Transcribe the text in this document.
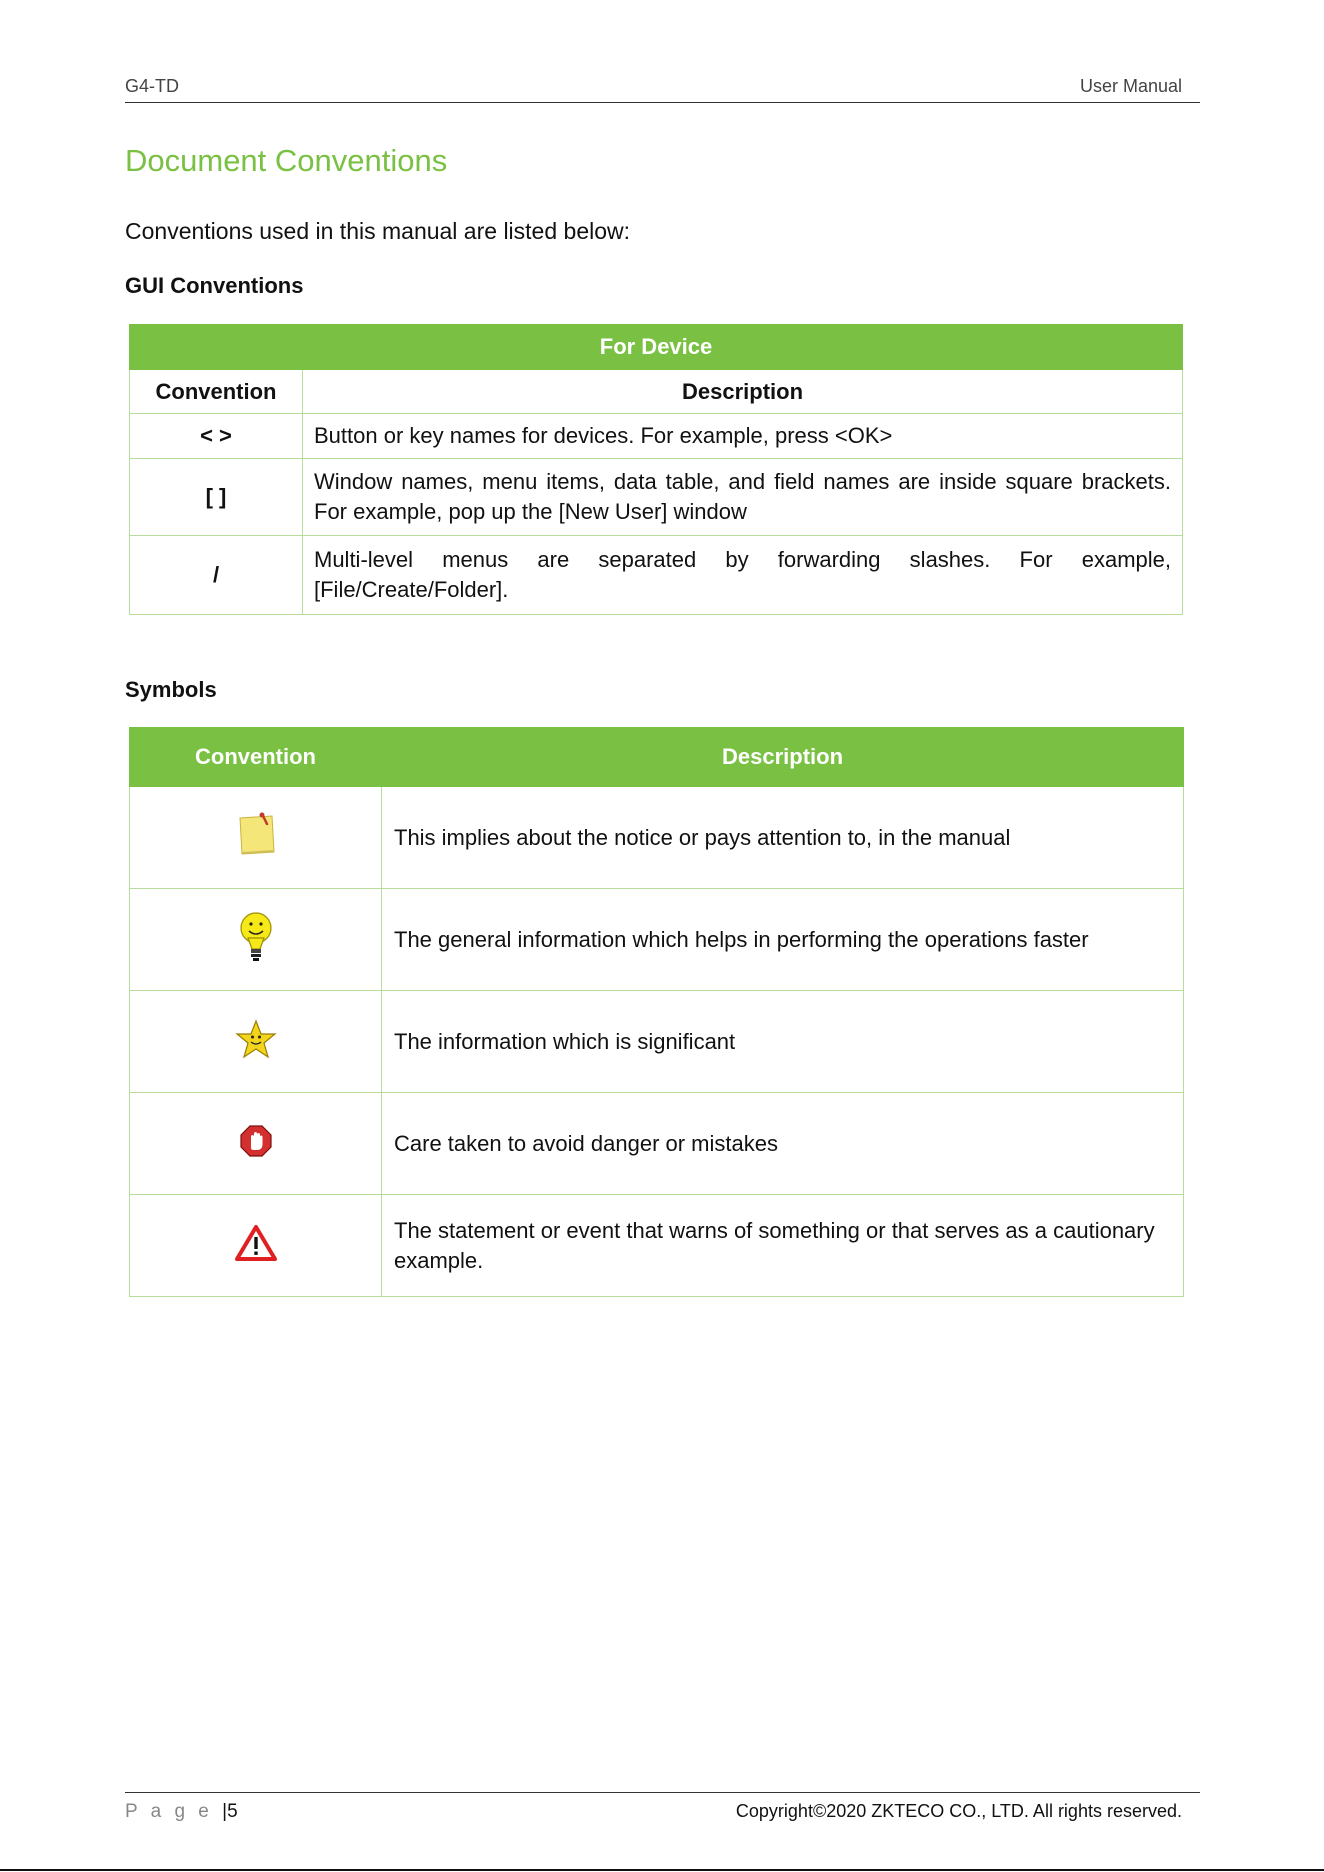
G4-TD	User Manual
Document Conventions
Conventions used in this manual are listed below:
GUI Conventions
For Device	
Convention	Description
< >	Button or key names for devices. For example, press <OK>
[ ]	Window names, menu items, data table, and field names are inside square brackets. For example, pop up the [New User] window
/	Multi-level menus are separated by forwarding slashes. For example, [File/Create/Folder].
Symbols
Convention	Description
	This implies about the notice or pays attention to, in the manual
	The general information which helps in performing the operations faster
	The information which is significant
	Care taken to avoid danger or mistakes
	The statement or event that warns of something or that serves as a cautionary example.
P a g e |5	Copyright©2020 ZKTECO CO., LTD. All rights reserved.
